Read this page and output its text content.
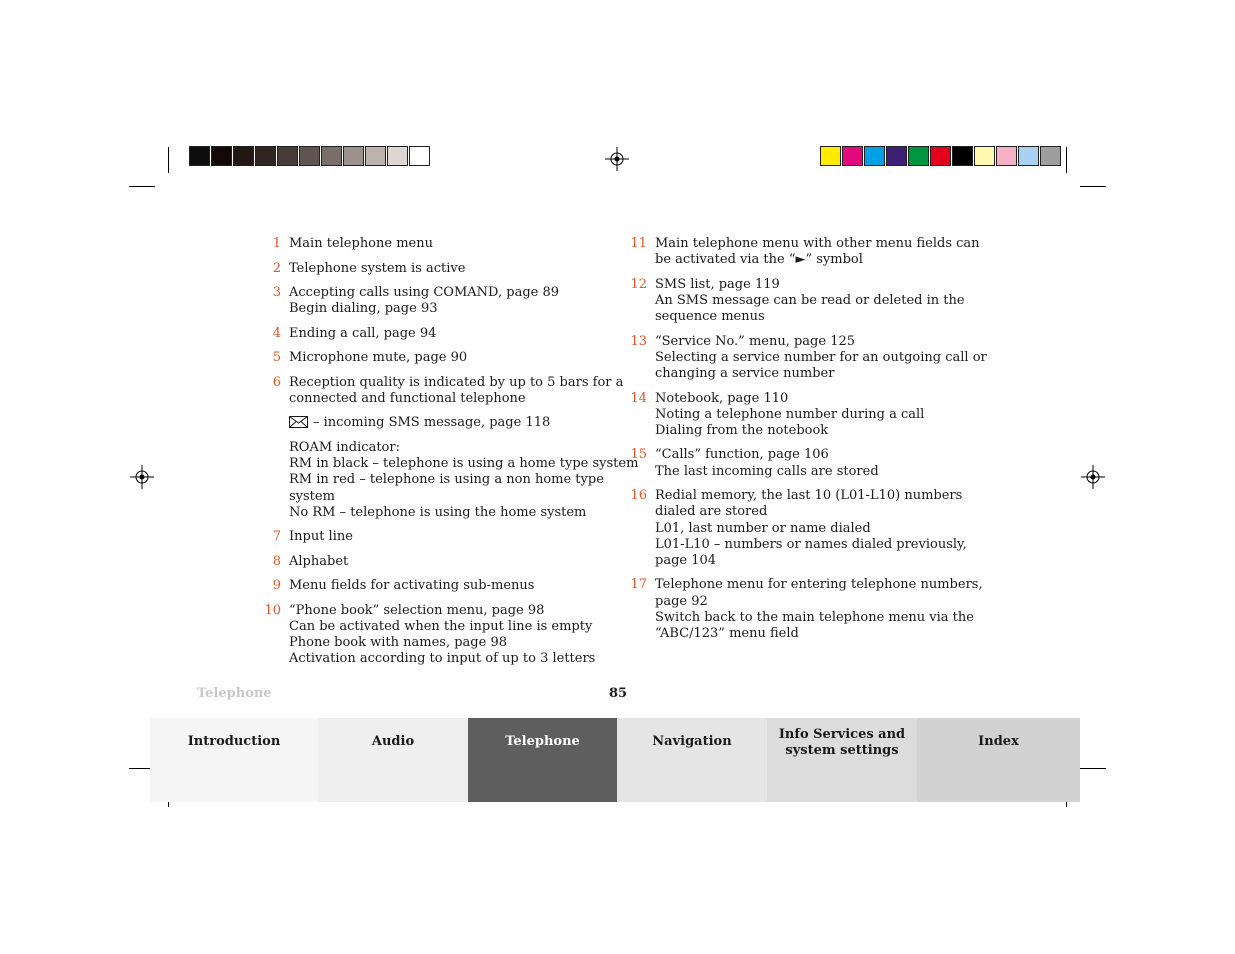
1 Main telephone menu
2 Telephone system is active
3 Accepting calls using COMAND, page 89
Begin dialing, page 93
4 Ending a call, page 94
5 Microphone mute, page 90
6 Reception quality is indicated by up to 5 bars for a
connected and functional telephone
– incoming SMS message, page 118
ROAM indicator:
RM in black – telephone is using a home type system
RM in red – telephone is using a non home type
system
No RM – telephone is using the home system
7 Input line
8 Alphabet
9 Menu fields for activating sub-menus
10 “Phone book” selection menu, page 98
Can be activated when the input line is empty
Phone book with names, page 98
Activation according to input of up to 3 letters
11 Main telephone menu with other menu fields can
be activated via the “►” symbol
12 SMS list, page 119
An SMS message can be read or deleted in the
sequence menus
13 “Service No.” menu, page 125
Selecting a service number for an outgoing call or
changing a service number
14 Notebook, page 110
Noting a telephone number during a call
Dialing from the notebook
15 “Calls” function, page 106
The last incoming calls are stored
16 Redial memory, the last 10 (L01-L10) numbers
dialed are stored
L01, last number or name dialed
L01-L10 – numbers or names dialed previously,
page 104
17 Telephone menu for entering telephone numbers,
page 92
Switch back to the main telephone menu via the
“ABC/123” menu field
Telephone	85
Introduction	Audio	Telephone	Navigation	Info Services and
system settings
Index
